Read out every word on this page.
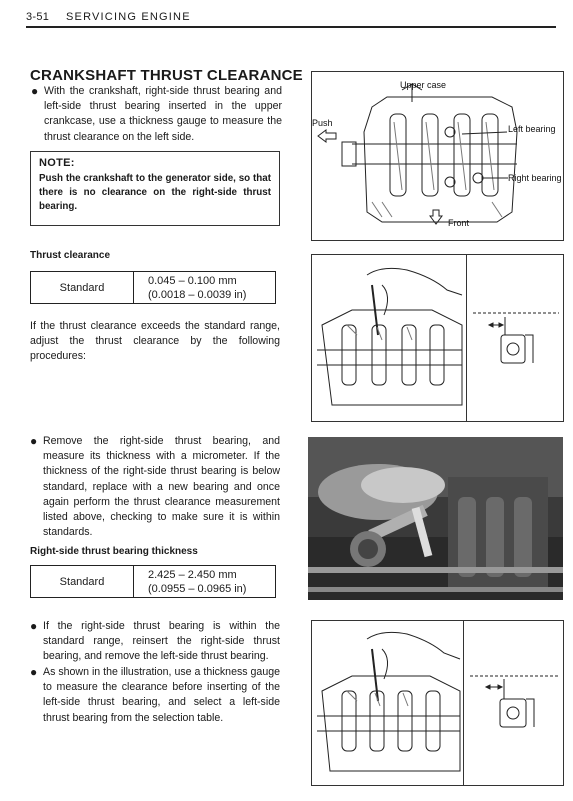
3-51 SERVICING ENGINE
CRANKSHAFT THRUST CLEARANCE
● With the crankshaft, right-side thrust bearing and left-side thrust bearing inserted in the upper crankcase, use a thickness gauge to measure the thrust clearance on the left side.
NOTE:
Push the crankshaft to the generator side, so that there is no clearance on the right-side thrust bearing.
Thrust clearance
Standard
0.045 – 0.100 mm
(0.0018 – 0.0039 in)
If the thrust clearance exceeds the standard range, adjust the thrust clearance by the following procedures:
● Remove the right-side thrust bearing, and measure its thickness with a micrometer. If the thickness of the right-side thrust bearing is below standard, replace with a new bearing and once again perform the thrust clearance measurement listed above, checking to make sure it is within standards.
Right-side thrust bearing thickness
Standard
2.425 – 2.450 mm
(0.0955 – 0.0965 in)
● If the right-side thrust bearing is within the standard range, reinsert the right-side thrust bearing, and remove the left-side thrust bearing.
● As shown in the illustration, use a thickness gauge to measure the clearance before inserting of the left-side thrust bearing, and select a left-side thrust bearing from the selection table.
Upper case
Push
Left bearing
Right bearing
Front
